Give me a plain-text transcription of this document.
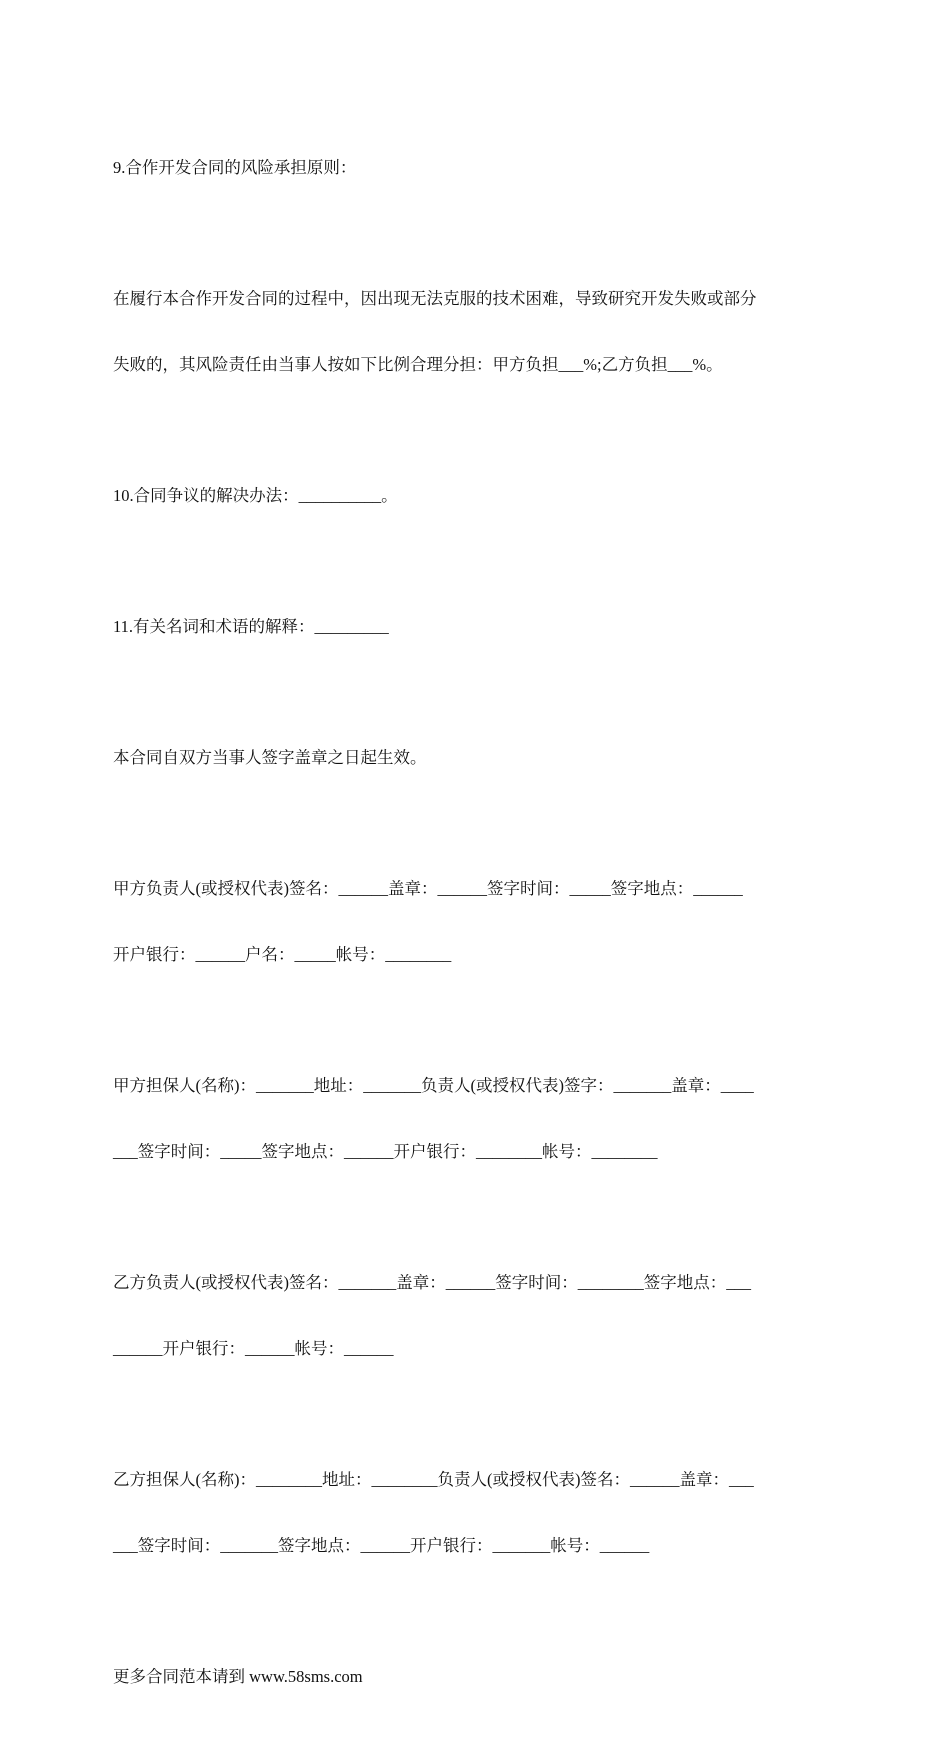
9.合作开发合同的风险承担原则：

在履行本合作开发合同的过程中，因出现无法克服的技术困难，导致研究开发失败或部分

失败的，其风险责任由当事人按如下比例合理分担：甲方负担___%;乙方负担___%。

10.合同争议的解决办法：__________。

11.有关名词和术语的解释：_________

本合同自双方当事人签字盖章之日起生效。

甲方负责人(或授权代表)签名：______盖章：______签字时间：_____签字地点：______

开户银行：______户名：_____帐号：________

甲方担保人(名称)：_______地址：_______负责人(或授权代表)签字：_______盖章：____

___签字时间：_____签字地点：______开户银行：________帐号：________

乙方负责人(或授权代表)签名：_______盖章：______签字时间：________签字地点：___

______开户银行：______帐号：______

乙方担保人(名称)：________地址：________负责人(或授权代表)签名：______盖章：___

___签字时间：_______签字地点：______开户银行：_______帐号：______

更多合同范本请到 www.58sms.com
